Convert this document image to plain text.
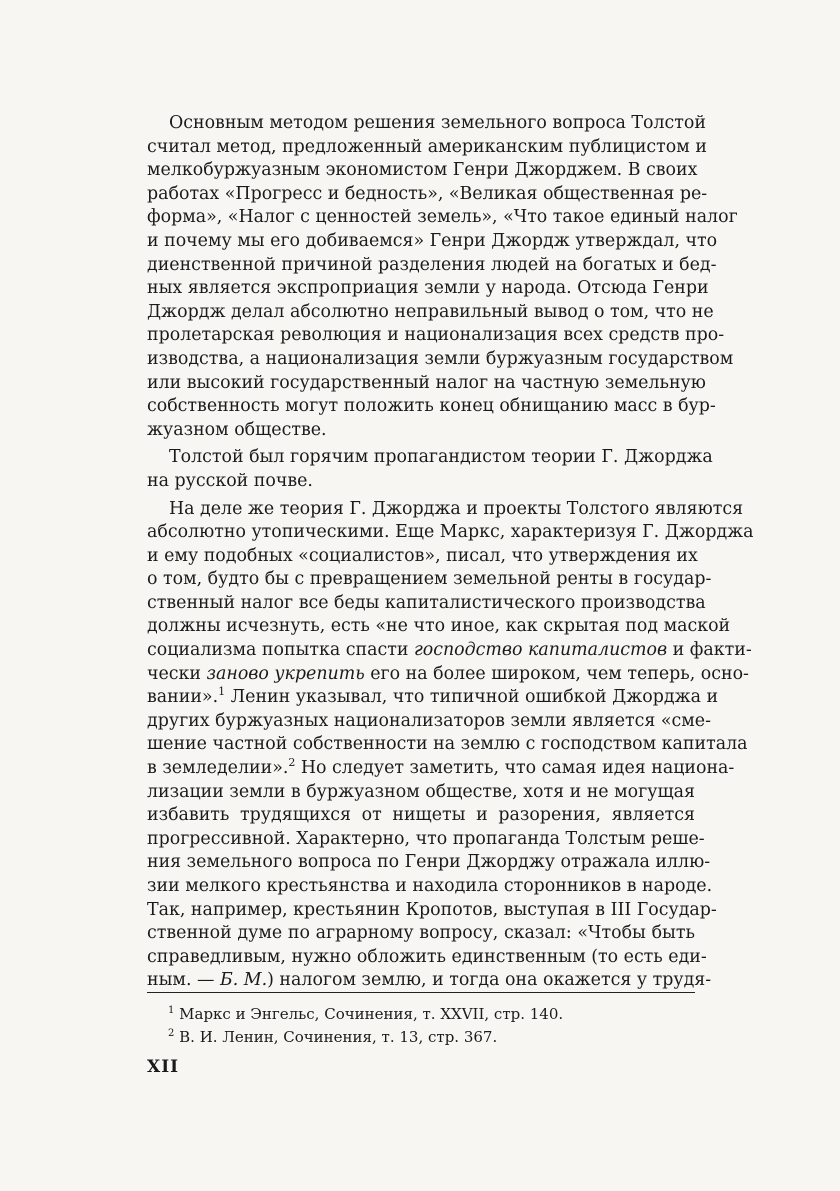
Основным методом решения земельного вопроса Толстой
считал метод, предложенный американским публицистом и
мелкобуржуазным экономистом Генри Джорджем. В своих
работах «Прогресс и бедность», «Великая общественная ре-
форма», «Налог с ценностей земель», «Что такое единый налог
и почему мы его добиваемся» Генри Джордж утверждал, что
диенственной причиной разделения людей на богатых и бед-
ных является экспроприация земли у народа. Отсюда Генри
Джордж делал абсолютно неправильный вывод о том, что не
пролетарская революция и национализация всех средств про-
изводства, а национализация земли буржуазным государством
или высокий государственный налог на частную земельную
собственность могут положить конец обнищанию масс в бур-
жуазном обществе.

Толстой был горячим пропагандистом теории Г. Джорджа
на русской почве.

На деле же теория Г. Джорджа и проекты Толстого являются
абсолютно утопическими. Еще Маркс, характеризуя Г. Джорджа
и ему подобных «социалистов», писал, что утверждения их
о том, будто бы с превращением земельной ренты в государ-
ственный налог все беды капиталистического производства
должны исчезнуть, есть «не что иное, как скрытая под маской
социализма попытка спасти господство капиталистов и факти-
чески заново укрепить его на более широком, чем теперь, осно-
вании».$^1$ Ленин указывал, что типичной ошибкой Джорджа и
других буржуазных национализаторов земли является «сме-
шение частной собственности на землю с господством капитала
в земледелии».$^2$ Но следует заметить, что самая идея национа-
лизации земли в буржуазном обществе, хотя и не могущая
избавить трудящихся от нищеты и разорения, является
прогрессивной. Характерно, что пропаганда Толстым реше-
ния земельного вопроса по Генри Джорджу отражала иллю-
зии мелкого крестьянства и находила сторонников в народе.
Так, например, крестьянин Кропотов, выступая в III Государ-
ственной думе по аграрному вопросу, сказал: «Чтобы быть
справедливым, нужно обложить единственным (то есть еди-
ным. — Б. М.) налогом землю, и тогда она окажется у трудя-

$^1$ Маркс и Энгельс, Сочинения, т. XXVII, стр. 140.
$^2$ В. И. Ленин, Сочинения, т. 13, стр. 367.
XII
